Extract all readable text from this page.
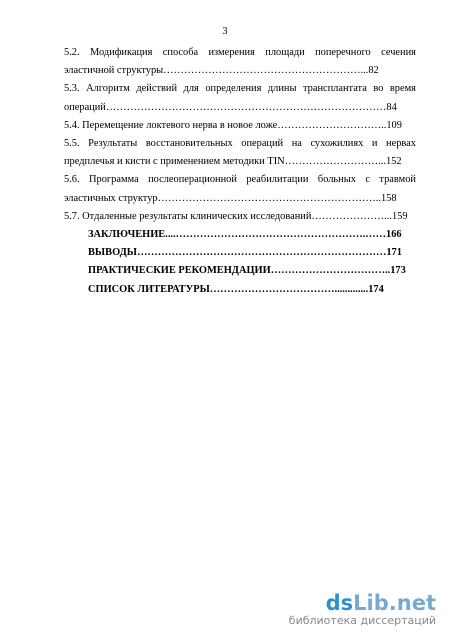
3
5.2. Модификация способа измерения площади поперечного сечения
эластичной структуры…………………………………………………...82
5.3. Алгоритм действий для определения длины трансплантата во время
операций………………………………………………………………………84
5.4. Перемещение локтевого нерва в новое ложе…………………………..109
5.5. Результаты восстановительных операций на сухожилиях и нервах
предплечья и кисти с применением методики TIN………………………...152
5.6. Программа послеоперационной реабилитации больных с травмой
эластичных структур………………………………………………………..158
5.7. Отдаленные результаты клинических исследований…………………...159
ЗАКЛЮЧЕНИЕ....……………………………………………….……166
ВЫВОДЫ………………………………………………………………171
ПРАКТИЧЕСКИЕ РЕКОМЕНДАЦИИ……………………………..173
СПИСОК ЛИТЕРАТУРЫ……………………………….............174
dsLib.net
библиотека диссертаций
